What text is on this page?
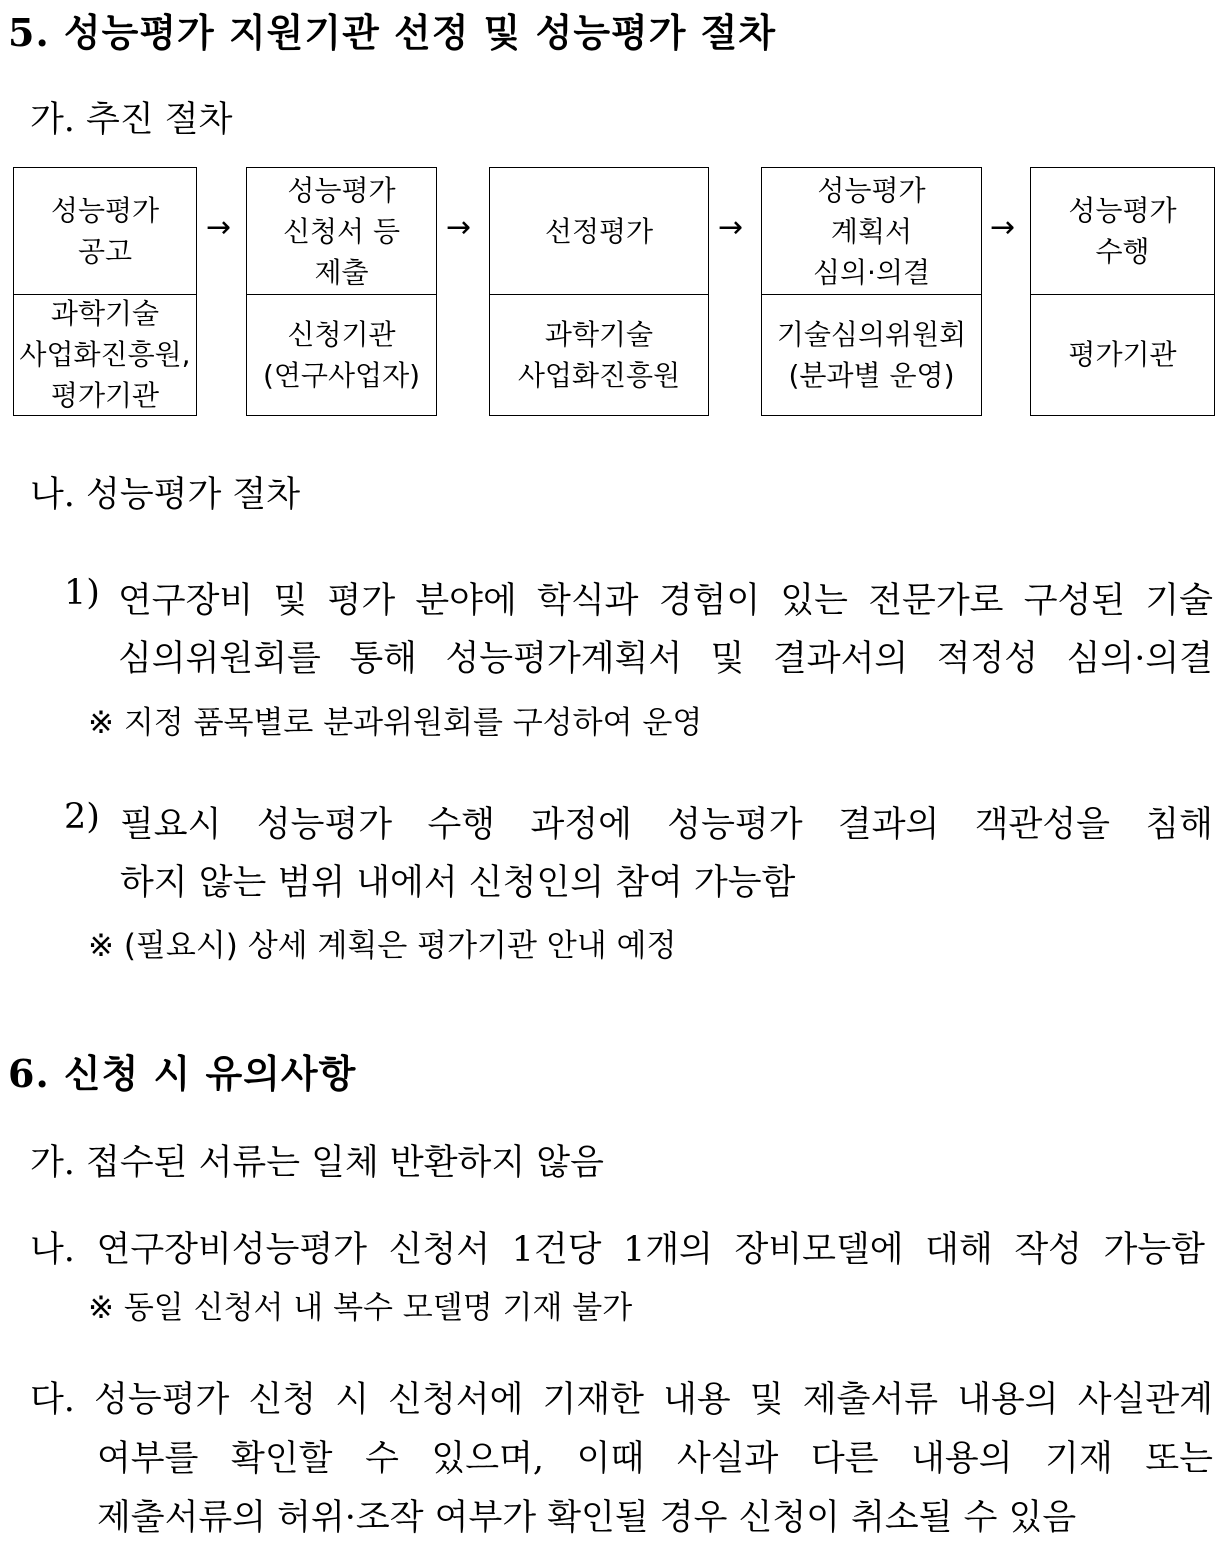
5. 성능평가 지원기관 선정 및 성능평가 절차
가. 추진 절차
성능평가
공고
과학기술
사업화진흥원,
평가기관
→
성능평가
신청서 등
제출
신청기관
(연구사업자)
→	선정평가
과학기술
사업화진흥원
→
성능평가
계획서
심의·의결
기술심의위원회
(분과별 운영)
→	성능평가
수행
평가기관
나. 성능평가 절차
1) 연구장비 및 평가 분야에 학식과 경험이 있는 전문가로 구성된 기술
심의위원회를 통해 성능평가계획서 및 결과서의 적정성 심의·의결
※ 지정 품목별로 분과위원회를 구성하여 운영
2) 필요시 성능평가 수행 과정에 성능평가 결과의 객관성을 침해
하지 않는 범위 내에서 신청인의 참여 가능함
※ (필요시) 상세 계획은 평가기관 안내 예정
6. 신청 시 유의사항
가. 접수된 서류는 일체 반환하지 않음
나. 연구장비성능평가 신청서 1건당 1개의 장비모델에 대해 작성 가능함
※ 동일 신청서 내 복수 모델명 기재 불가
다. 성능평가 신청 시 신청서에 기재한 내용 및 제출서류 내용의 사실관계
여부를 확인할 수 있으며, 이때 사실과 다른 내용의 기재 또는
제출서류의 허위·조작 여부가 확인될 경우 신청이 취소될 수 있음
